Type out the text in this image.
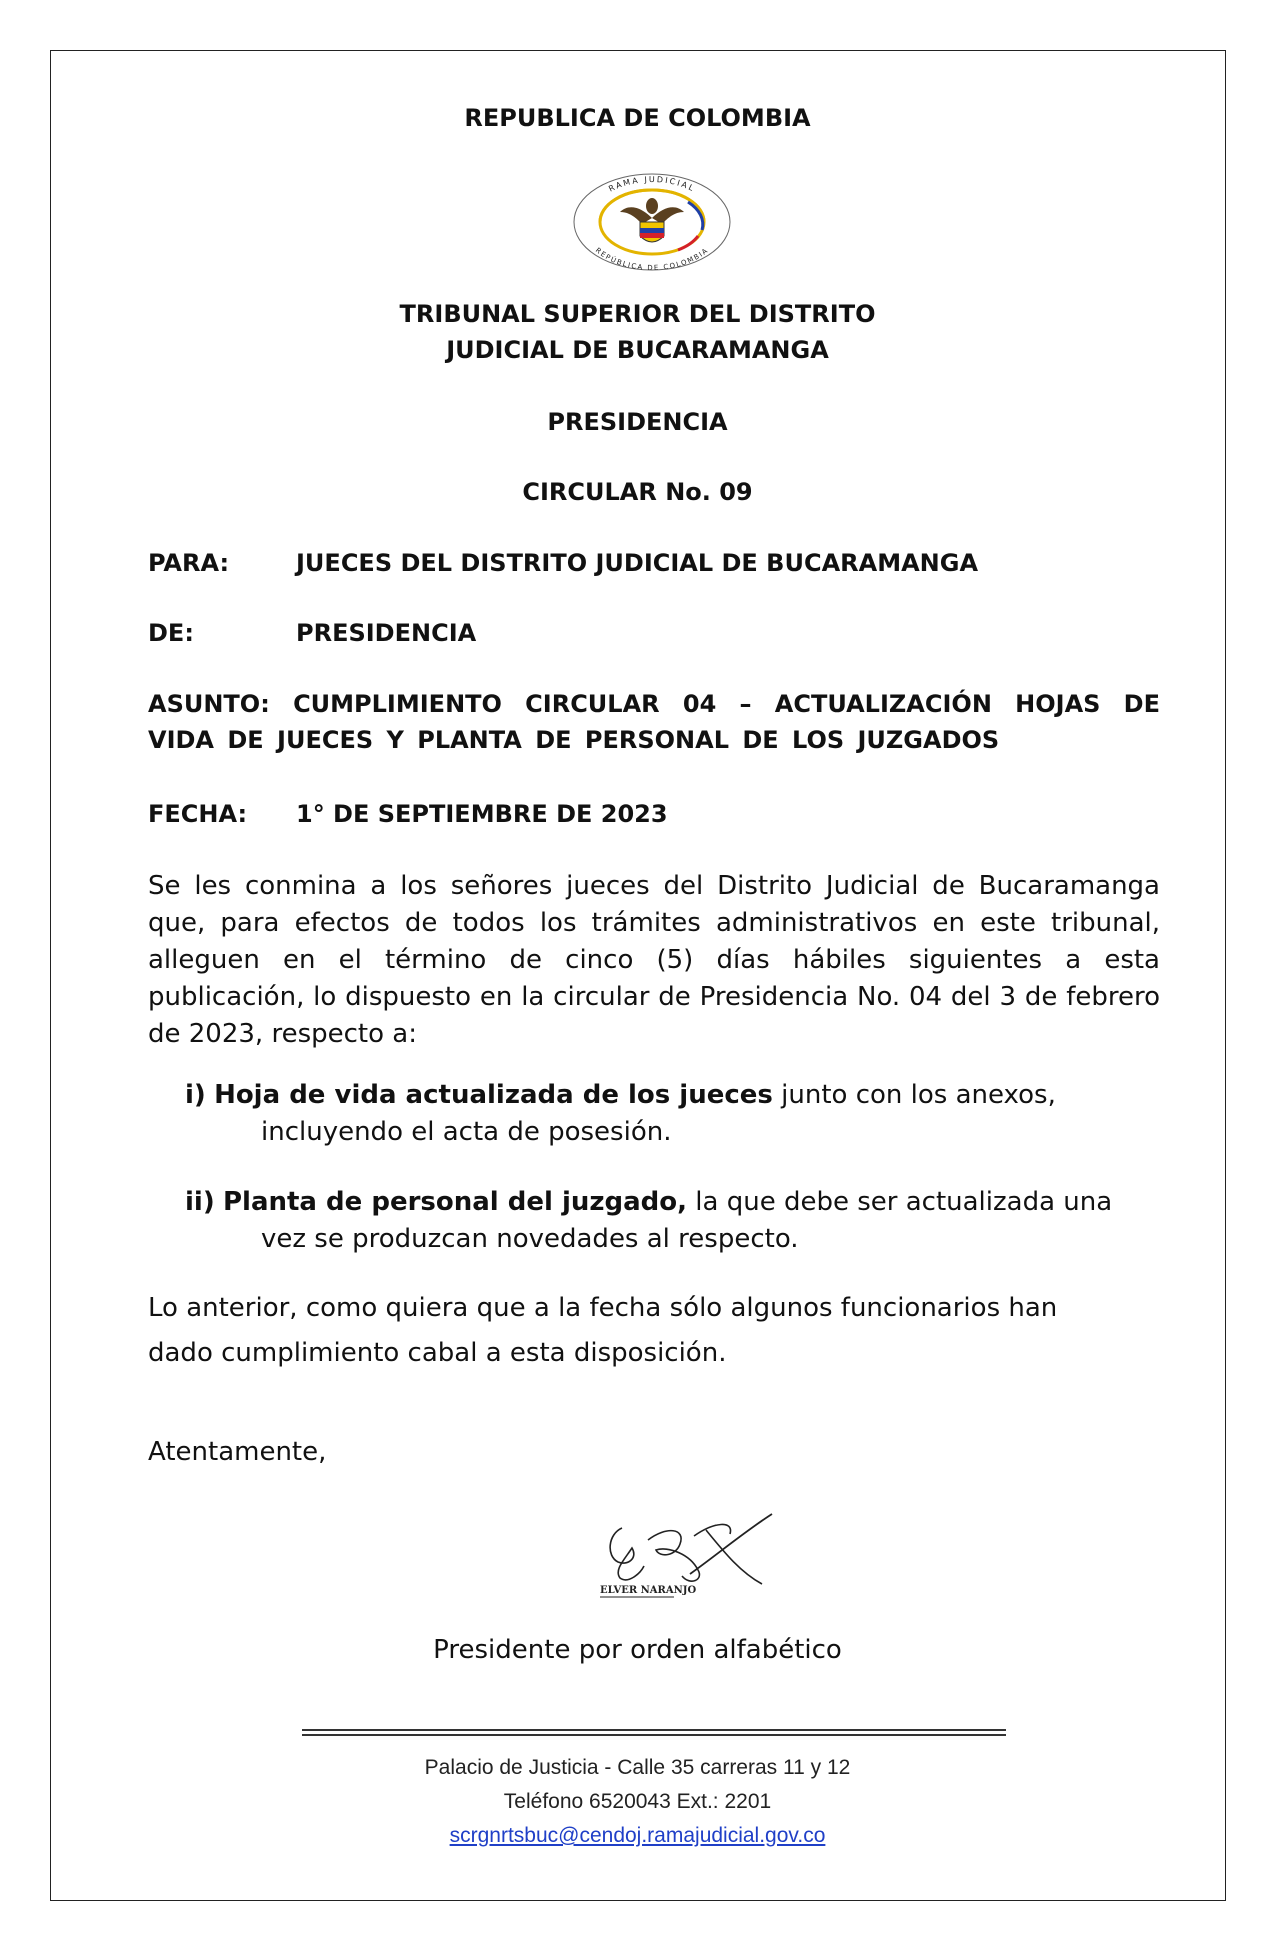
REPUBLICA DE COLOMBIA
RAMA JUDICIAL
REPÚBLICA DE COLOMBIA
TRIBUNAL SUPERIOR DEL DISTRITO
JUDICIAL DE BUCARAMANGA
PRESIDENCIA
CIRCULAR No. 09
PARA:	JUECES DEL DISTRITO JUDICIAL DE BUCARAMANGA
DE:	PRESIDENCIA
ASUNTO: CUMPLIMIENTO CIRCULAR 04 – ACTUALIZACIÓN HOJAS DE VIDA DE JUECES Y PLANTA DE PERSONAL DE LOS JUZGADOS
FECHA: 1° DE SEPTIEMBRE DE 2023
Se les conmina a los señores jueces del Distrito Judicial de Bucaramanga que, para efectos de todos los trámites administrativos en este tribunal, alleguen en el término de cinco (5) días hábiles siguientes a esta publicación, lo dispuesto en la circular de Presidencia No. 04 del 3 de febrero de 2023, respecto a:
i) Hoja de vida actualizada de los jueces junto con los anexos,
incluyendo el acta de posesión.
ii) Planta de personal del juzgado, la que debe ser actualizada una
vez se produzcan novedades al respecto.
Lo anterior, como quiera que a la fecha sólo algunos funcionarios han
dado cumplimiento cabal a esta disposición.
Atentamente,
ELVER NARANJO
Presidente por orden alfabético
Palacio de Justicia - Calle 35 carreras 11 y 12
Teléfono 6520043 Ext.: 2201
scrgnrtsbuc@cendoj.ramajudicial.gov.co
